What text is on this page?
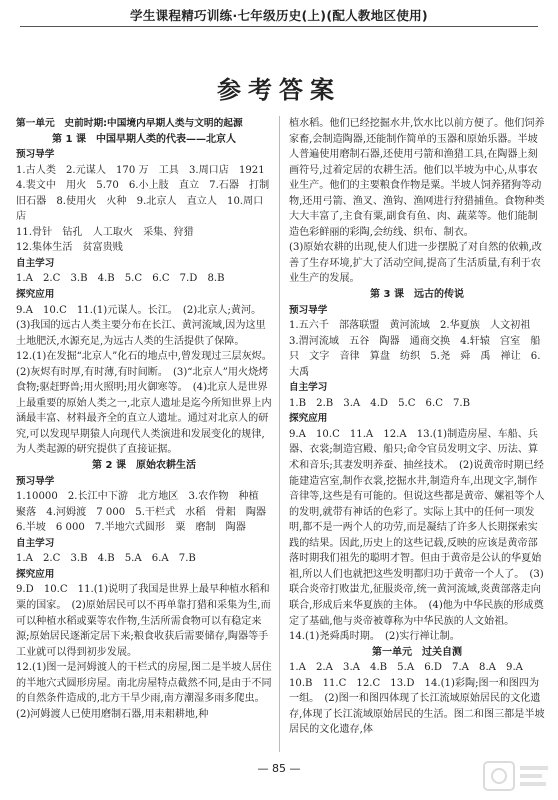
学生课程精巧训练·七年级历史(上)(配人教地区使用)
参考答案

第一单元　史前时期:中国境内早期人类与文明的起源

第 1 课　中国早期人类的代表——北京人

预习导学

1.古人类　2.元谋人　170 万　工具　3.周口店　1921　4.裴文中　用火　5.70　6.小上肢　直立　7.石器　打制　旧石器　8.使用火　火种　9.北京人　直立人　10.周口店

11.骨针　钻孔　人工取火　采集、狩猎

12.集体生活　贫富贵贱

自主学习

1.A　2.C　3.B　4.B　5.C　6.C　7.D　8.B

探究应用

9.A　10.C　11.(1)元谋人。长江。　(2)北京人;黄河。　(3)我国的远古人类主要分布在长江、黄河流域,因为这里土地肥沃,水源充足,为远古人类的生活提供了保障。

12.(1)在发掘“北京人”化石的地点中,曾发现过三层灰烬。　(2)灰烬有时厚,有时薄,有时间断。　(3)“北京人”用火烧烤食物;驱赶野兽;用火照明;用火御寒等。　(4)北京人是世界上最重要的原始人类之一,北京人遗址是迄今所知世界上内涵最丰富、材料最齐全的直立人遗址。通过对北京人的研究,可以发现早期猿人向现代人类演进和发展变化的规律,为人类起源的研究提供了直接证据。

第 2 课　原始农耕生活

预习导学

1.10000　2.长江中下游　北方地区　3.农作物　种植　聚落　4.河姆渡　7 000　5.干栏式　水稻　骨耜　陶器　6.半坡　6 000　7.半地穴式圆形　粟　磨制　陶器

自主学习

1.A　2.C　3.B　4.B　5.A　6.A　7.B

探究应用

9.D　10.C　11.(1)说明了我国是世界上最早种植水稻和粟的国家。　(2)原始居民可以不再单靠打猎和采集为生,而可以种植水稻或粟等农作物,生活所需食物可以有稳定来源;原始居民逐渐定居下来;粮食收获后需要储存,陶器等手工业就可以得到初步发展。

12.(1)图一是河姆渡人的干栏式的房屋,图二是半坡人居住的半地穴式圆形房屋。南北房屋特点截然不同,是由于不同的自然条件造成的,北方干旱少雨,南方潮湿多雨多爬虫。　(2)河姆渡人已使用磨制石器,用耒耜耕地,种

植水稻。他们已经挖掘水井,饮水比以前方便了。他们饲养家畜,会制造陶器,还能制作简单的玉器和原始乐器。半坡人普遍使用磨制石器,还使用弓箭和渔猎工具,在陶器上刻画符号,过着定居的农耕生活。他们以半坡为中心,从事农业生产。他们的主要粮食作物是粟。半坡人饲养猪狗等动物,还用弓箭、渔叉、渔钩、渔网进行狩猎捕鱼。食物种类大大丰富了,主食有粟,副食有鱼、肉、蔬菜等。他们能制造色彩鲜丽的彩陶,会纺线、织布、制衣。

(3)原始农耕的出现,使人们进一步摆脱了对自然的依赖,改善了生存环境,扩大了活动空间,提高了生活质量,有利于农业生产的发展。

第 3 课　远古的传说

预习导学

1.五六千　部落联盟　黄河流域　2.华夏族　人文初祖　3.渭河流域　五谷　陶器　通商交换　4.轩辕　宫室　船只　文字　音律　算盘　纺织　5.尧　舜　禹　禅让　6.大禹

自主学习

1.B　2.B　3.A　4.D　5.C　6.C　7.B

探究应用

9.A　10.C　11.A　12.A　13.(1)制造房屋、车船、兵器、衣裳;制造宫殿、船只;命令官员发明文字、历法、算术和音乐;其妻发明养蚕、抽丝技术。　(2)说黄帝时期已经能建造宫室,制作衣裳,挖掘水井,制造舟车,出现文字,制作音律等,这些是有可能的。但说这些都是黄帝、嫘祖等个人的发明,就带有神话的色彩了。实际上其中的任何一项发明,都不是一两个人的功劳,而是凝结了许多人长期探索实践的结果。因此,历史上的这些记载,反映的应该是黄帝部落时期我们祖先的聪明才智。但由于黄帝是公认的华夏始祖,所以人们也就把这些发明都归功于黄帝一个人了。　(3)联合炎帝打败蚩尤,征服炎帝,统一黄河流域,炎黄部落走向联合,形成后来华夏族的主体。　(4)他为中华民族的形成奠定了基础,他与炎帝被尊称为中华民族的人文始祖。

14.(1)尧舜禹时期。　(2)实行禅让制。

第一单元　过关自测

1.A　2.A　3.A　4.B　5.A　6.D　7.A　8.A　9.A　10.B　11.C　12.C　13.D　14.(1)彩陶;图一和图四为一组。　(2)图一和图四体现了长江流域原始居民的文化遗存,体现了长江流域原始居民的生活。图二和图三都是半坡居民的文化遗存,体

— 85 —
